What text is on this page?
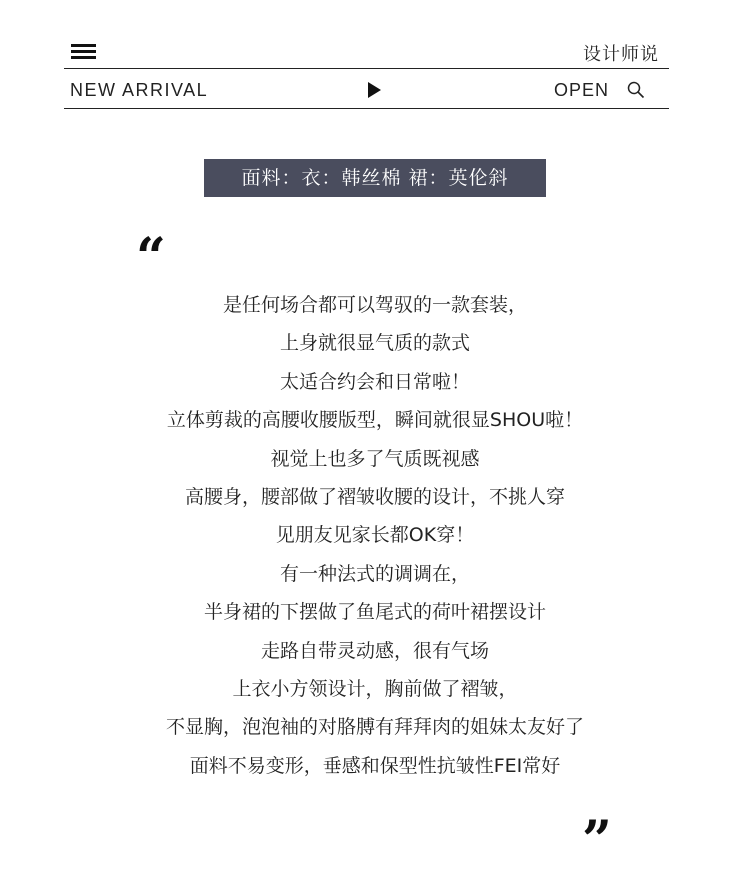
设计师说
NEW ARRIVAL	OPEN
面料：衣：韩丝棉 裙：英伦斜
“
是任何场合都可以驾驭的一款套装，
上身就很显气质的款式
太适合约会和日常啦！
立体剪裁的高腰收腰版型，瞬间就很显SHOU啦！
视觉上也多了气质既视感
高腰身，腰部做了褶皱收腰的设计，不挑人穿
见朋友见家长都OK穿！
有一种法式的调调在，
半身裙的下摆做了鱼尾式的荷叶裙摆设计
走路自带灵动感，很有气场
上衣小方领设计，胸前做了褶皱，
不显胸，泡泡袖的对胳膊有拜拜肉的姐妹太友好了
面料不易变形，垂感和保型性抗皱性FEI常好
”
